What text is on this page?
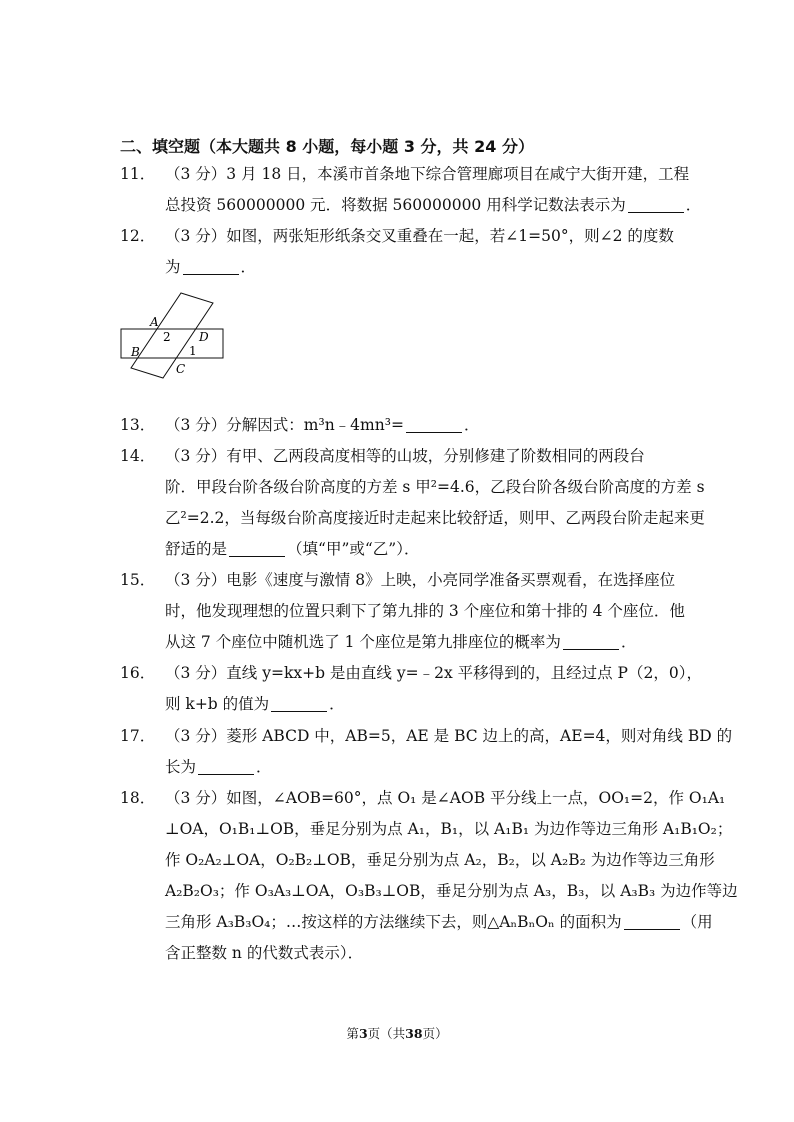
二、填空题（本大题共 8 小题，每小题 3 分，共 24 分）
11． （3 分）3 月 18 日，本溪市首条地下综合管理廊项目在咸宁大街开建，工程
总投资 560000000 元．将数据 560000000 用科学记数法表示为	．
12． （3 分）如图，两张矩形纸条交叉重叠在一起，若∠1=50°，则∠2 的度数
为	．
A
B
C
D
1
2
13． （3 分）分解因式：m³n﹣4mn³=	．
14． （3 分）有甲、乙两段高度相等的山坡，分别修建了阶数相同的两段台
阶．甲段台阶各级台阶高度的方差 s 甲²=4.6，乙段台阶各级台阶高度的方差 s
乙²=2.2，当每级台阶高度接近时走起来比较舒适，则甲、乙两段台阶走起来更
舒适的是	（填“甲”或“乙”）．
15． （3 分）电影《速度与激情 8》上映，小亮同学准备买票观看，在选择座位
时，他发现理想的位置只剩下了第九排的 3 个座位和第十排的 4 个座位．他
从这 7 个座位中随机选了 1 个座位是第九排座位的概率为	．
16． （3 分）直线 y=kx+b 是由直线 y=﹣2x 平移得到的，且经过点 P（2，0），
则 k+b 的值为	．
17． （3 分）菱形 ABCD 中，AB=5，AE 是 BC 边上的高，AE=4，则对角线 BD 的
长为	．
18． （3 分）如图，∠AOB=60°，点 O₁ 是∠AOB 平分线上一点，OO₁=2，作 O₁A₁
⊥OA，O₁B₁⊥OB，垂足分别为点 A₁，B₁，以 A₁B₁ 为边作等边三角形 A₁B₁O₂；
作 O₂A₂⊥OA，O₂B₂⊥OB，垂足分别为点 A₂，B₂，以 A₂B₂ 为边作等边三角形
A₂B₂O₃；作 O₃A₃⊥OA，O₃B₃⊥OB，垂足分别为点 A₃，B₃，以 A₃B₃ 为边作等边
三角形 A₃B₃O₄；…按这样的方法继续下去，则△AₙBₙOₙ 的面积为	（用
含正整数 n 的代数式表示）．
第3页（共38页）
